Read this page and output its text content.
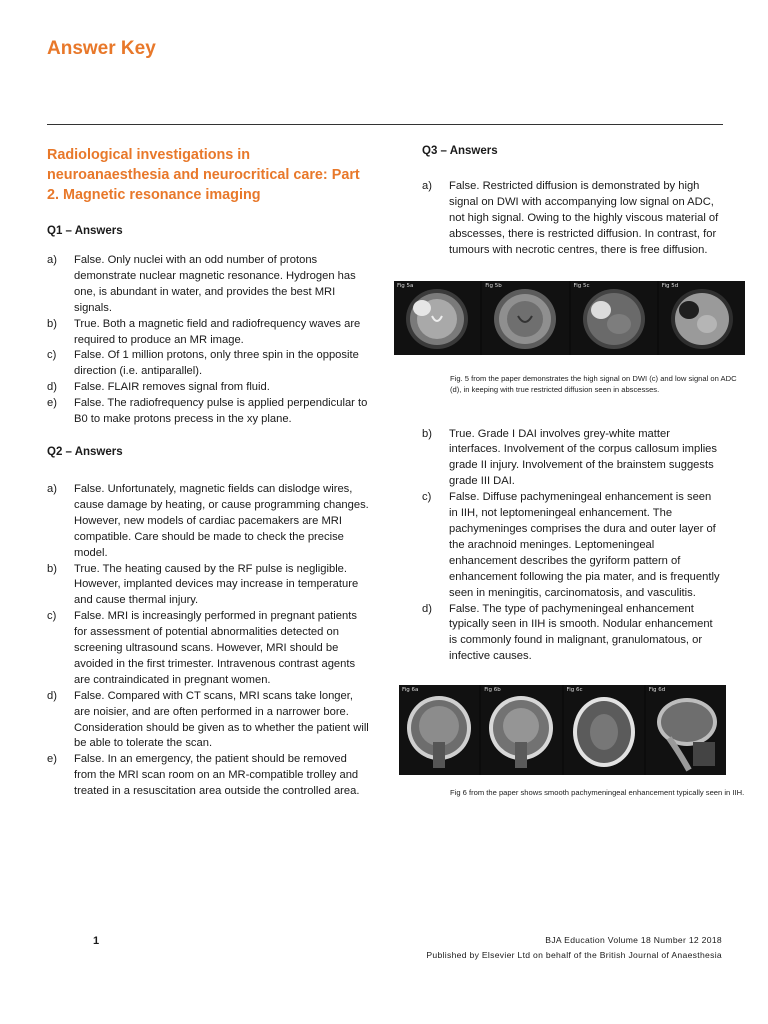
Answer Key
Radiological investigations in neuroanaesthesia and neurocritical care: Part 2. Magnetic resonance imaging
Q1 – Answers
a)	False. Only nuclei with an odd number of protons demonstrate nuclear magnetic resonance. Hydrogen has one, is abundant in water, and provides the best MRI signals.
b)	True. Both a magnetic field and radiofrequency waves are required to produce an MR image.
c)	False. Of 1 million protons, only three spin in the opposite direction (i.e. antiparallel).
d)	False. FLAIR removes signal from fluid.
e)	False. The radiofrequency pulse is applied perpendicular to B0 to make protons precess in the xy plane.
Q2 – Answers
a)	False. Unfortunately, magnetic fields can dislodge wires, cause damage by heating, or cause programming changes. However, new models of cardiac pacemakers are MRI compatible. Care should be made to check the precise model.
b)	True. The heating caused by the RF pulse is negligible. However, implanted devices may increase in temperature and cause thermal injury.
c)	False. MRI is increasingly performed in pregnant patients for assessment of potential abnormalities detected on screening ultrasound scans. However, MRI should be avoided in the first trimester. Intravenous contrast agents are contraindicated in pregnant women.
d)	False. Compared with CT scans, MRI scans take longer, are noisier, and are often performed in a narrower bore. Consideration should be given as to whether the patient will be able to tolerate the scan.
e)	False. In an emergency, the patient should be removed from the MRI scan room on an MR-compatible trolley and treated in a resuscitation area outside the controlled area.
Q3 – Answers
a)	False. Restricted diffusion is demonstrated by high signal on DWI with accompanying low signal on ADC, not high signal. Owing to the highly viscous material of abscesses, there is restricted diffusion. In contrast, for tumours with necrotic centres, there is free diffusion.
Fig 5a	Fig 5b	Fig 5c	Fig 5d
Fig. 5 from the paper demonstrates the high signal on DWI (c) and low signal on ADC (d), in keeping with true restricted diffusion seen in abscesses.
b)	True. Grade I DAI involves grey-white matter interfaces. Involvement of the corpus callosum implies grade II injury. Involvement of the brainstem suggests grade III DAI.
c)	False. Diffuse pachymeningeal enhancement is seen in IIH, not leptomeningeal enhancement. The pachymeninges comprises the dura and outer layer of the arachnoid meninges. Leptomeningeal enhancement describes the gyriform pattern of enhancement following the pia mater, and is frequently seen in meningitis, carcinomatosis, and vasculitis.
d)	False. The type of pachymeningeal enhancement typically seen in IIH is smooth. Nodular enhancement is commonly found in malignant, granulomatous, or infective causes.
Fig 6a	Fig 6b	Fig 6c	Fig 6d
Fig 6 from the paper shows smooth pachymeningeal enhancement typically seen in IIH.
1	BJA Education Volume 18 Number 12 2018
Published by Elsevier Ltd on behalf of the British Journal of Anaesthesia
